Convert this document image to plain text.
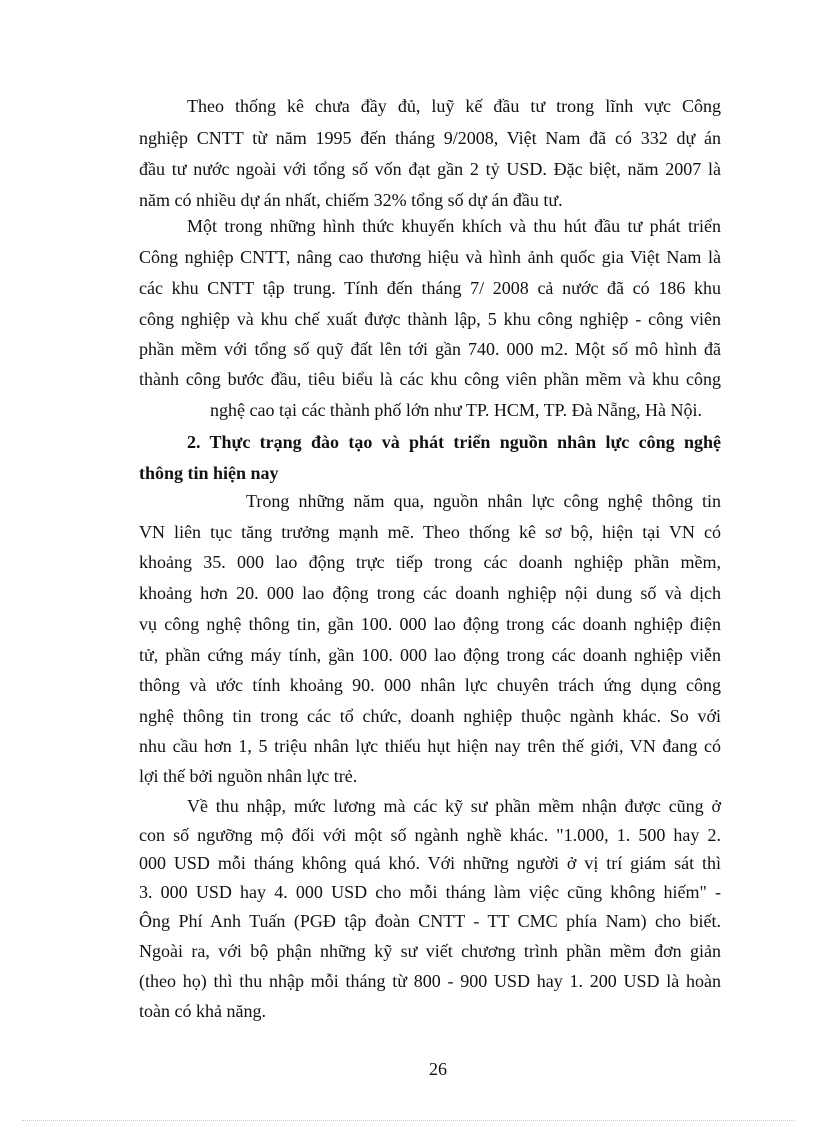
Theo thống kê chưa đầy đủ, luỹ kế đầu tư trong lĩnh vực Công
nghiệp CNTT từ năm 1995 đến tháng 9/2008, Việt Nam đã có 332 dự án
đầu tư nước ngoài với tổng số vốn đạt gần 2 tỷ USD. Đặc biệt, năm 2007 là
năm có nhiều dự án nhất, chiếm 32% tổng số dự án đầu tư.
Một trong những hình thức khuyến khích và thu hút đầu tư phát triển
Công nghiệp CNTT, nâng cao thương hiệu và hình ảnh quốc gia Việt Nam là
các khu CNTT tập trung. Tính đến tháng 7/ 2008 cả nước đã có 186 khu
công nghiệp và khu chế xuất được thành lập, 5 khu công nghiệp - công viên
phần mềm với tổng số quỹ đất lên tới gần 740. 000 m2. Một số mô hình đã
thành công bước đầu, tiêu biểu là các khu công viên phần mềm và khu công
nghệ cao tại các thành phố lớn như TP. HCM, TP. Đà Nẵng, Hà Nội.
2. Thực trạng đào tạo và phát triển nguồn nhân lực công nghệ
thông tin hiện nay
Trong những năm qua, nguồn nhân lực công nghệ thông tin
VN liên tục tăng trưởng mạnh mẽ. Theo thống kê sơ bộ, hiện tại VN có
khoảng 35. 000 lao động trực tiếp trong các doanh nghiệp phần mềm,
khoảng hơn 20. 000 lao động trong các doanh nghiệp nội dung số và dịch
vụ công nghệ thông tin, gần 100. 000 lao động trong các doanh nghiệp điện
tử, phần cứng máy tính, gần 100. 000 lao động trong các doanh nghiệp viễn
thông và ước tính khoảng 90. 000 nhân lực chuyên trách ứng dụng công
nghệ thông tin trong các tổ chức, doanh nghiệp thuộc ngành khác. So với
nhu cầu hơn 1, 5 triệu nhân lực thiếu hụt hiện nay trên thế giới, VN đang có
lợi thế bởi nguồn nhân lực trẻ.
Về thu nhập, mức lương mà các kỹ sư phần mềm nhận được cũng ở
con số ngưỡng mộ đối với một số ngành nghề khác. "1.000, 1. 500 hay 2.
000 USD mỗi tháng không quá khó. Với những người ở vị trí giám sát thì
3. 000 USD hay 4. 000 USD cho mỗi tháng làm việc cũng không hiếm" -
Ông Phí Anh Tuấn (PGĐ tập đoàn CNTT - TT CMC phía Nam) cho biết.
Ngoài ra, với bộ phận những kỹ sư viết chương trình phần mềm đơn giản
(theo họ) thì thu nhập mỗi tháng từ 800 - 900 USD hay 1. 200 USD là hoàn
toàn có khả năng.
26
